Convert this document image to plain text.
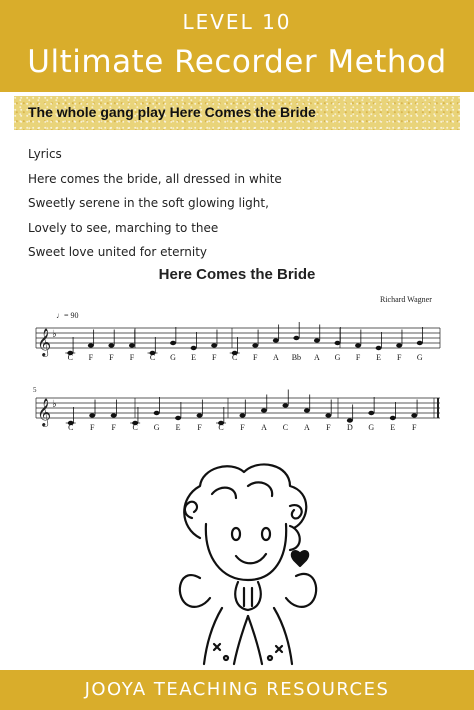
LEVEL 10
Ultimate Recorder Method
The whole gang play Here Comes the Bride
Lyrics
Here comes the bride, all dressed in white
Sweetly serene in the soft glowing light,
Lovely to see, marching to thee
Sweet love united for eternity
Here Comes the Bride
Richard Wagner
𝄞 ♭
♩= 90
𝄞 ♭
5
C F F F C G E F C F A Bb A G F E F G
C F F C G E F C F A C A F D G E F
JOOYA TEACHING RESOURCES
